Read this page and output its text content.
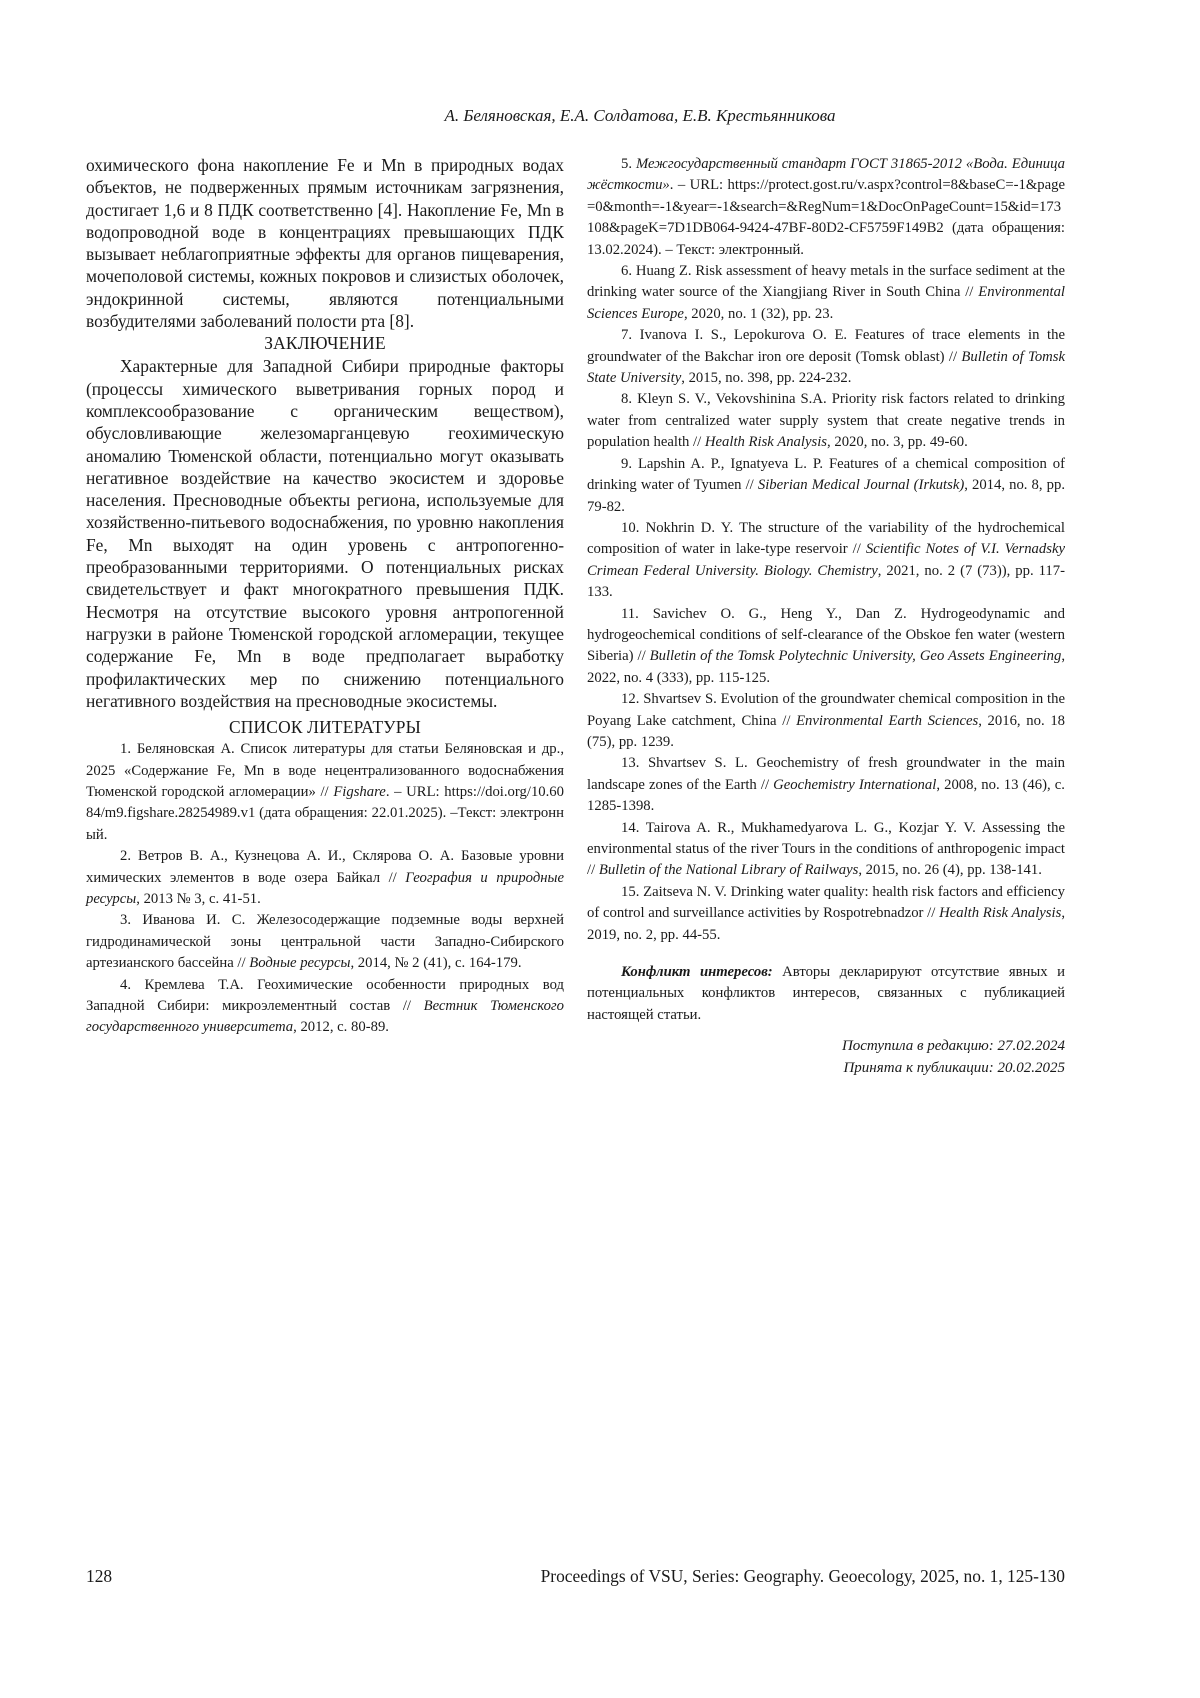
А. Беляновская, Е.А. Солдатова, Е.В. Крестьянникова

охимического фона накопление Fe и Mn в природных водах объектов, не подверженных прямым источникам загрязнения, достигает 1,6 и 8 ПДК соответственно [4]. Накопление Fe, Mn в водопроводной воде в концентрациях превышающих ПДК вызывает неблагоприятные эффекты для органов пищеварения, мочеполовой системы, кожных покровов и слизистых оболочек, эндокринной системы, являются потенциальными возбудителями заболеваний полости рта [8].

ЗАКЛЮЧЕНИЕ

Характерные для Западной Сибири природные факторы (процессы химического выветривания горных пород и комплексообразование с органическим веществом), обусловливающие железомарганцевую геохимическую аномалию Тюменской области, потенциально могут оказывать негативное воздействие на качество экосистем и здоровье населения. Пресноводные объекты региона, используемые для хозяйственно-питьевого водоснабжения, по уровню накопления Fe, Mn выходят на один уровень с антропогенно-преобразованными территориями. О потенциальных рисках свидетельствует и факт многократного превышения ПДК. Несмотря на отсутствие высокого уровня антропогенной нагрузки в районе Тюменской городской агломерации, текущее содержание Fe, Mn в воде предполагает выработку профилактических мер по снижению потенциального негативного воздействия на пресноводные экосистемы.

СПИСОК ЛИТЕРАТУРЫ

1. Беляновская А. Список литературы для статьи Беляновская и др., 2025 «Содержание Fe, Mn в воде нецентрализованного водоснабжения Тюменской городской агломерации» // Figshare. – URL: https://doi.org/10.6084/m9.figshare.28254989.v1 (дата обращения: 22.01.2025). –Текст: электронный.

2. Ветров В. А., Кузнецова А. И., Склярова О. А. Базовые уровни химических элементов в воде озера Байкал // География и природные ресурсы, 2013 № 3, с. 41-51.

3. Иванова И. С. Железосодержащие подземные воды верхней гидродинамической зоны центральной части Западно-Сибирского артезианского бассейна // Водные ресурсы, 2014, № 2 (41), с. 164-179.

4. Кремлева Т.А. Геохимические особенности природных вод Западной Сибири: микроэлементный состав // Вестник Тюменского государственного университета, 2012, с. 80-89.

5. Межгосударственный стандарт ГОСТ 31865-2012 «Вода. Единица жёсткости». – URL: https://protect.gost.ru/v.aspx?control=8&baseC=-1&page=0&month=-1&year=-1&search=&RegNum=1&DocOnPageCount=15&id=173108&pageK=7D1DB064-9424-47BF-80D2-CF5759F149B2 (дата обращения: 13.02.2024). – Текст: электронный.

6. Huang Z. Risk assessment of heavy metals in the surface sediment at the drinking water source of the Xiangjiang River in South China // Environmental Sciences Europe, 2020, no. 1 (32), pp. 23.

7. Ivanova I. S., Lepokurova O. E. Features of trace elements in the groundwater of the Bakchar iron ore deposit (Tomsk oblast) // Bulletin of Tomsk State University, 2015, no. 398, pp. 224-232.

8. Kleyn S. V., Vekovshinina S.A. Priority risk factors related to drinking water from centralized water supply system that create negative trends in population health // Health Risk Analysis, 2020, no. 3, pp. 49-60.

9. Lapshin A. P., Ignatyeva L. P. Features of a chemical composition of drinking water of Tyumen // Siberian Medical Journal (Irkutsk), 2014, no. 8, pp. 79-82.

10. Nokhrin D. Y. The structure of the variability of the hydrochemical composition of water in lake-type reservoir // Scientific Notes of V.I. Vernadsky Crimean Federal University. Biology. Chemistry, 2021, no. 2 (7 (73)), pp. 117-133.

11. Savichev O. G., Heng Y., Dan Z. Hydrogeodynamic and hydrogeochemical conditions of self-clearance of the Obskoe fen water (western Siberia) // Bulletin of the Tomsk Polytechnic University, Geo Assets Engineering, 2022, no. 4 (333), pp. 115-125.

12. Shvartsev S. Evolution of the groundwater chemical composition in the Poyang Lake catchment, China // Environmental Earth Sciences, 2016, no. 18 (75), pp. 1239.

13. Shvartsev S. L. Geochemistry of fresh groundwater in the main landscape zones of the Earth // Geochemistry International, 2008, no. 13 (46), с. 1285-1398.

14. Tairova A. R., Mukhamedyarova L. G., Kozjar Y. V. Assessing the environmental status of the river Tours in the conditions of anthropogenic impact // Bulletin of the National Library of Railways, 2015, no. 26 (4), pp. 138-141.

15. Zaitseva N. V. Drinking water quality: health risk factors and efficiency of control and surveillance activities by Rospotrebnadzor // Health Risk Analysis, 2019, no. 2, pp. 44-55.

Конфликт интересов: Авторы декларируют отсутствие явных и потенциальных конфликтов интересов, связанных с публикацией настоящей статьи.

Поступила в редакцию: 27.02.2024
Принята к публикации: 20.02.2025
128	Proceedings of VSU, Series: Geography. Geoecology, 2025, no. 1, 125-130
